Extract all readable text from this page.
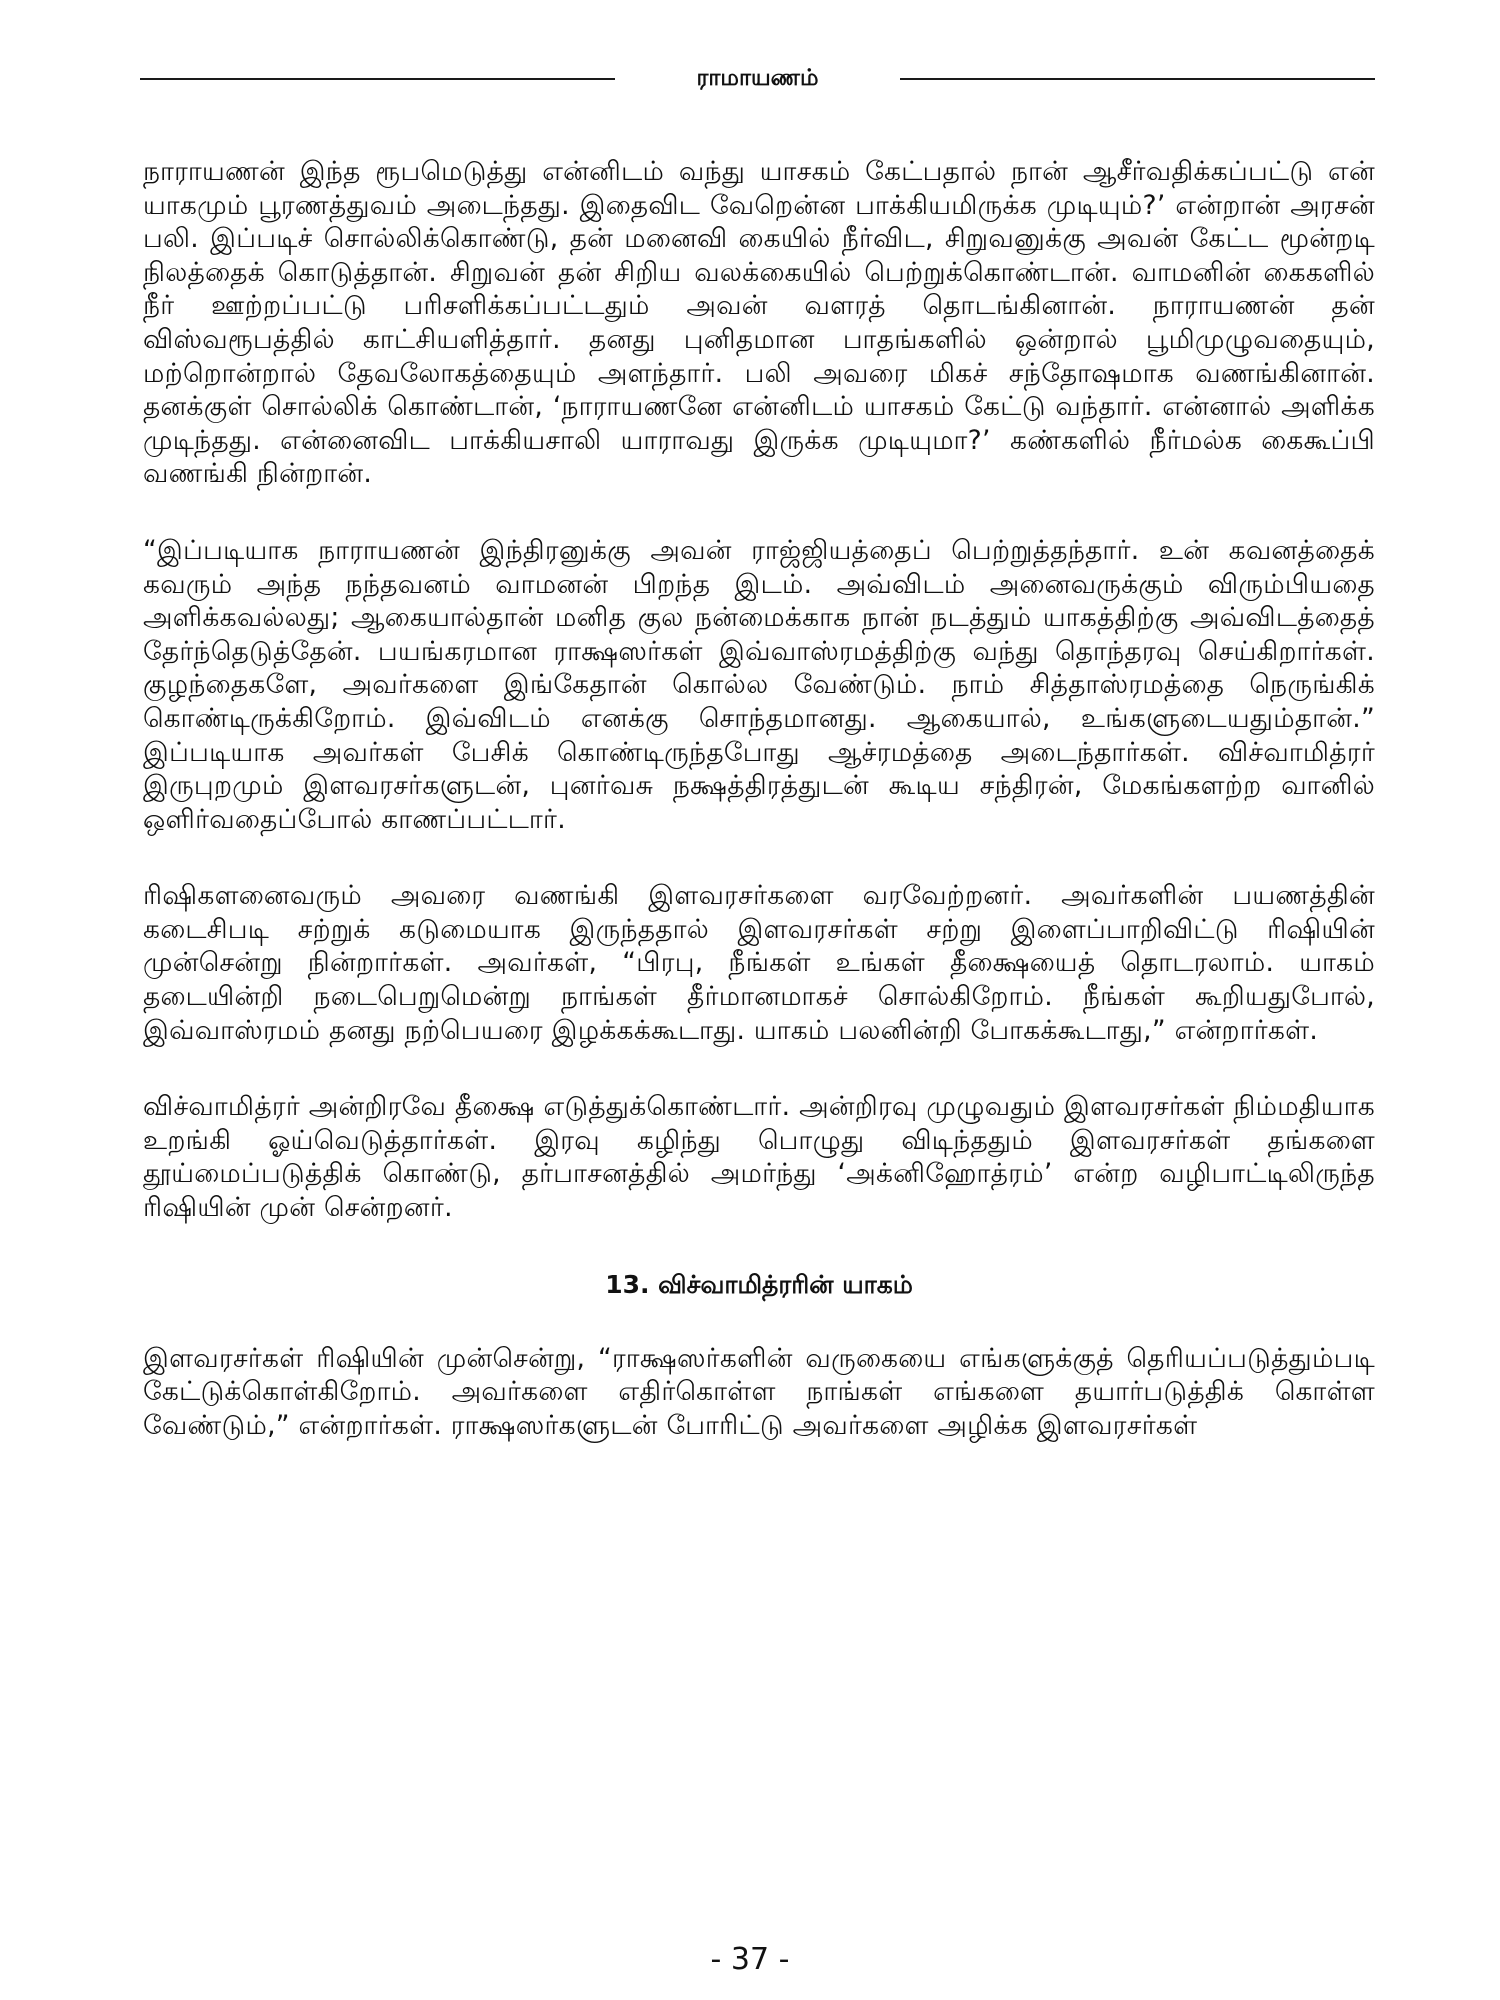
ராமாயணம்

நாராயணன் இந்த ரூபமெடுத்து என்னிடம் வந்து யாசகம் கேட்பதால் நான் ஆசீர்வதிக்கப்பட்டு என் யாகமும் பூரணத்துவம் அடைந்தது. இதைவிட வேறென்ன பாக்கியமிருக்க முடியும்?’ என்றான் அரசன் பலி. இப்படிச் சொல்லிக்கொண்டு, தன் மனைவி கையில் நீர்விட, சிறுவனுக்கு அவன் கேட்ட மூன்றடி நிலத்தைக் கொடுத்தான். சிறுவன் தன் சிறிய வலக்கையில் பெற்றுக்கொண்டான். வாமனின் கைகளில் நீர் ஊற்றப்பட்டு பரிசளிக்கப்பட்டதும் அவன் வளரத் தொடங்கினான். நாராயணன் தன் விஸ்வரூபத்தில் காட்சியளித்தார். தனது புனிதமான பாதங்களில் ஒன்றால் பூமிமுழுவதையும், மற்றொன்றால் தேவலோகத்தையும் அளந்தார். பலி அவரை மிகச் சந்தோஷமாக வணங்கினான். தனக்குள் சொல்லிக் கொண்டான், ‘நாராயணனே என்னிடம் யாசகம் கேட்டு வந்தார். என்னால் அளிக்க முடிந்தது. என்னைவிட பாக்கியசாலி யாராவது இருக்க முடியுமா?’ கண்களில் நீர்மல்க கைகூப்பி வணங்கி நின்றான்.

“இப்படியாக நாராயணன் இந்திரனுக்கு அவன் ராஜ்ஜியத்தைப் பெற்றுத்தந்தார். உன் கவனத்தைக் கவரும் அந்த நந்தவனம் வாமனன் பிறந்த இடம். அவ்விடம் அனைவருக்கும் விரும்பியதை அளிக்கவல்லது; ஆகையால்தான் மனித குல நன்மைக்காக நான் நடத்தும் யாகத்திற்கு அவ்விடத்தைத் தேர்ந்தெடுத்தேன். பயங்கரமான ராக்ஷஸர்கள் இவ்வாஸ்ரமத்திற்கு வந்து தொந்தரவு செய்கிறார்கள். குழந்தைகளே, அவர்களை இங்கேதான் கொல்ல வேண்டும். நாம் சித்தாஸ்ரமத்தை நெருங்கிக் கொண்டிருக்கிறோம். இவ்விடம் எனக்கு சொந்தமானது. ஆகையால், உங்களுடையதும்தான்.” இப்படியாக அவர்கள் பேசிக் கொண்டிருந்தபோது ஆச்ரமத்தை அடைந்தார்கள். விச்வாமித்ரர் இருபுறமும் இளவரசர்களுடன், புனர்வசு நக்ஷத்திரத்துடன் கூடிய சந்திரன், மேகங்களற்ற வானில் ஒளிர்வதைப்போல் காணப்பட்டார்.

ரிஷிகளனைவரும் அவரை வணங்கி இளவரசர்களை வரவேற்றனர். அவர்களின் பயணத்தின் கடைசிபடி சற்றுக் கடுமையாக இருந்ததால் இளவரசர்கள் சற்று இளைப்பாறிவிட்டு ரிஷியின் முன்சென்று நின்றார்கள். அவர்கள், “பிரபு, நீங்கள் உங்கள் தீக்ஷையைத் தொடரலாம். யாகம் தடையின்றி நடைபெறுமென்று நாங்கள் தீர்மானமாகச் சொல்கிறோம். நீங்கள் கூறியதுபோல், இவ்வாஸ்ரமம் தனது நற்பெயரை இழக்கக்கூடாது. யாகம் பலனின்றி போகக்கூடாது,” என்றார்கள்.

விச்வாமித்ரர் அன்றிரவே தீக்ஷை எடுத்துக்கொண்டார். அன்றிரவு முழுவதும் இளவரசர்கள் நிம்மதியாக உறங்கி ஓய்வெடுத்தார்கள். இரவு கழிந்து பொழுது விடிந்ததும் இளவரசர்கள் தங்களை தூய்மைப்படுத்திக் கொண்டு, தர்பாசனத்தில் அமர்ந்து ‘அக்னிஹோத்ரம்’ என்ற வழிபாட்டிலிருந்த ரிஷியின் முன் சென்றனர்.

13. விச்வாமித்ரரின் யாகம்

இளவரசர்கள் ரிஷியின் முன்சென்று, “ராக்ஷஸர்களின் வருகையை எங்களுக்குத் தெரியப்படுத்தும்படி கேட்டுக்கொள்கிறோம். அவர்களை எதிர்கொள்ள நாங்கள் எங்களை தயார்படுத்திக் கொள்ள வேண்டும்,” என்றார்கள். ராக்ஷஸர்களுடன் போரிட்டு அவர்களை அழிக்க இளவரசர்கள்

- 37 -
